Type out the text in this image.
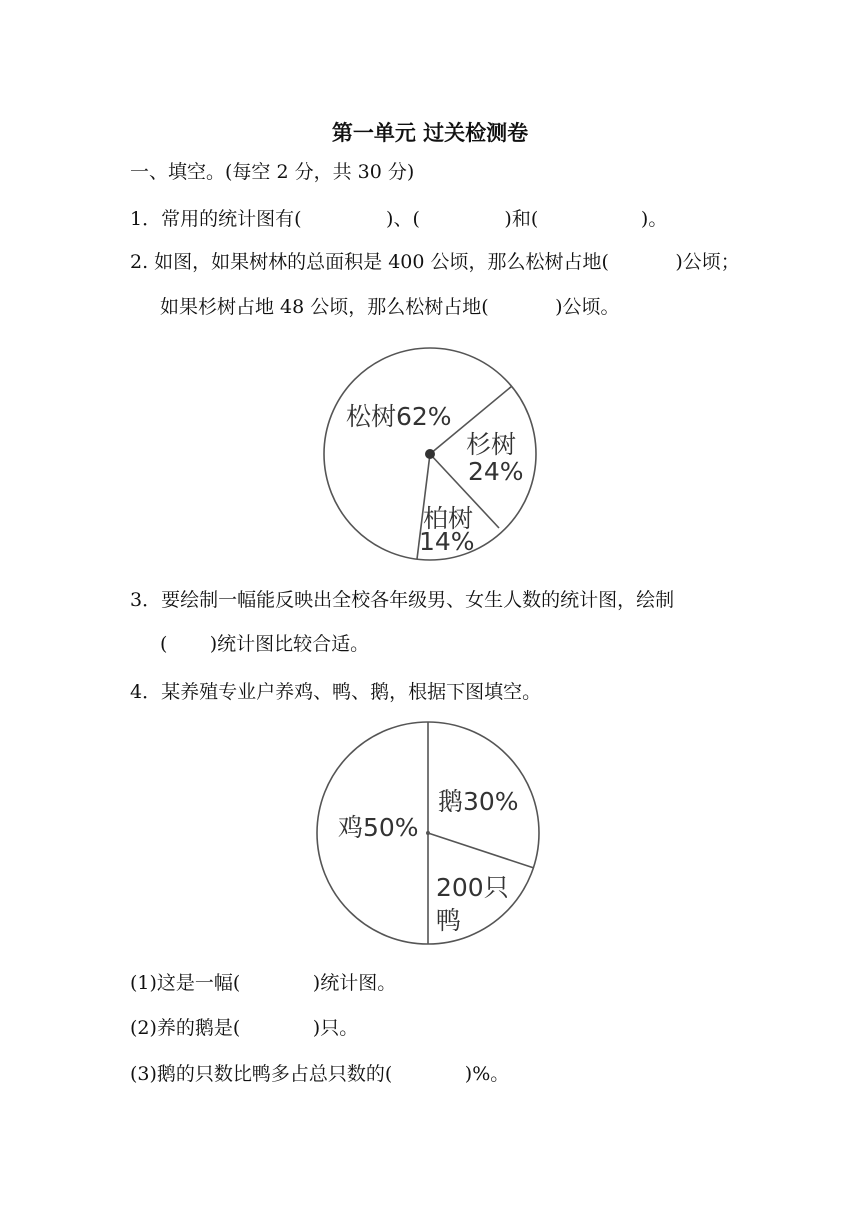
第一单元 过关检测卷
一、填空。(每空 2 分，共 30 分)
1．常用的统计图有(              )、(              )和(                 )。
2. 如图，如果树林的总面积是 400 公顷，那么松树占地(           )公顷；
如果杉树占地 48 公顷，那么松树占地(           )公顷。
松树62%
杉树
24%
柏树
14%
3．要绘制一幅能反映出全校各年级男、女生人数的统计图，绘制
(       )统计图比较合适。
4．某养殖专业户养鸡、鸭、鹅，根据下图填空。
鸡50%
鹅30%
200只
鸭
(1)这是一幅(            )统计图。
(2)养的鹅是(            )只。
(3)鹅的只数比鸭多占总只数的(            )%。
